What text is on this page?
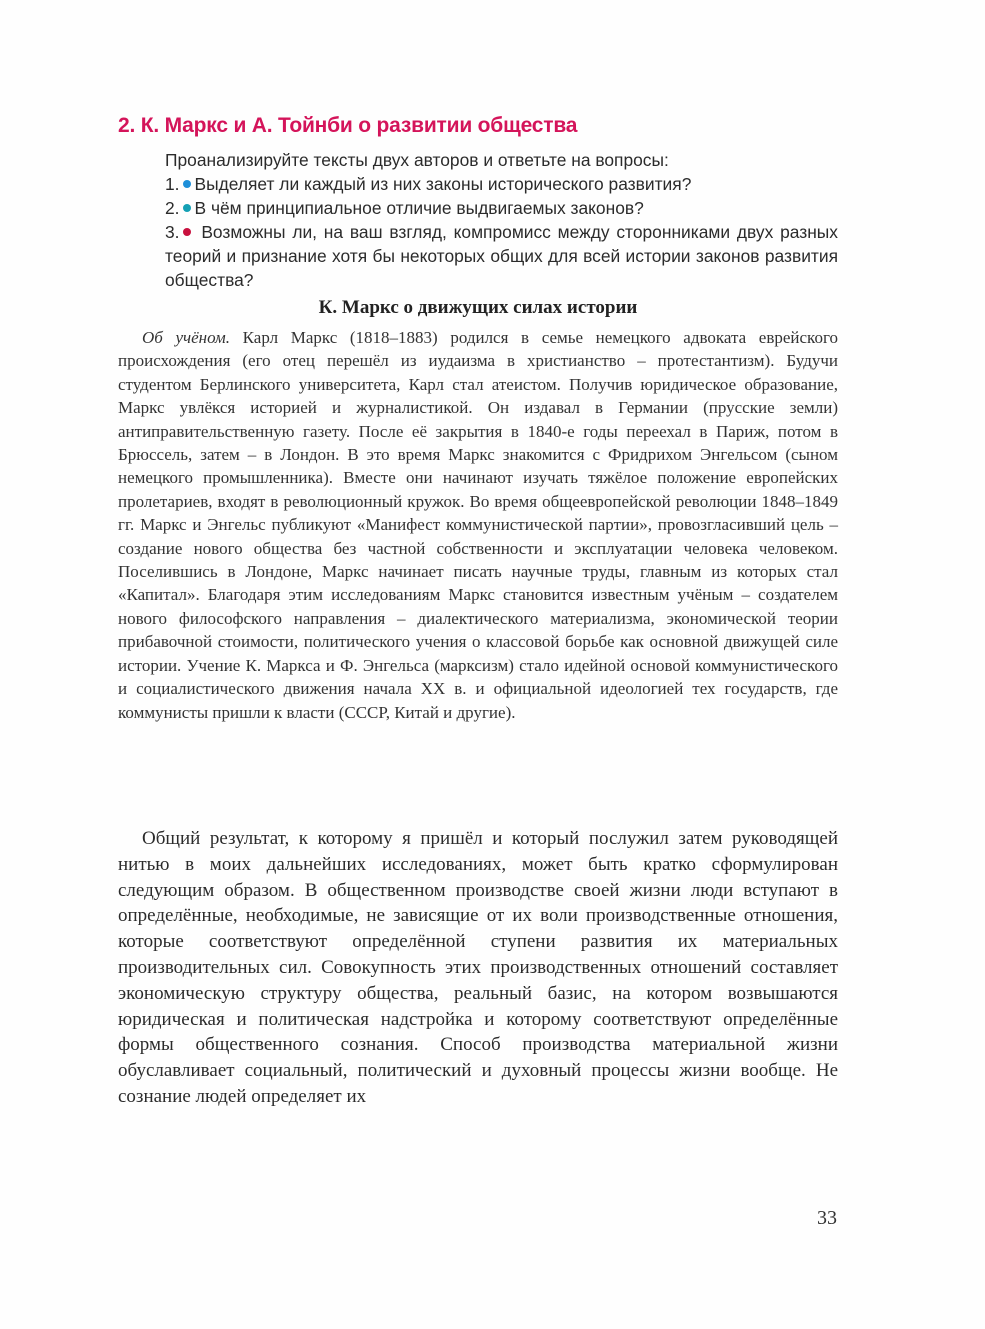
2. К. Маркс и А. Тойнби о развитии общества

Проанализируйте тексты двух авторов и ответьте на вопросы:

1. Выделяет ли каждый из них законы исторического развития?

2. В чём принципиальное отличие выдвигаемых законов?

3. Возможны ли, на ваш взгляд, компромисс между сторонниками двух разных теорий и признание хотя бы некоторых общих для всей истории законов развития общества?

К. Маркс о движущих силах истории

Об учёном. Карл Маркс (1818–1883) родился в семье немецкого адвоката еврейского происхождения (его отец перешёл из иудаизма в христианство – протестантизм). Будучи студентом Берлинского университета, Карл стал атеистом. Получив юридическое образование, Маркс увлёкся историей и журналистикой. Он издавал в Германии (прусские земли) антиправительственную газету. После её закрытия в 1840-е годы переехал в Париж, потом в Брюссель, затем – в Лондон. В это время Маркс знакомится с Фридрихом Энгельсом (сыном немецкого промышленника). Вместе они начинают изучать тяжёлое положение европейских пролетариев, входят в революционный кружок. Во время общеевропейской революции 1848–1849 гг. Маркс и Энгельс публикуют «Манифест коммунистической партии», провозгласивший цель – создание нового общества без частной собственности и эксплуатации человека человеком. Поселившись в Лондоне, Маркс начинает писать научные труды, главным из которых стал «Капитал». Благодаря этим исследованиям Маркс становится известным учёным – создателем нового философского направления – диалектического материализма, экономической теории прибавочной стоимости, политического учения о классовой борьбе как основной движущей силе истории. Учение К. Маркса и Ф. Энгельса (марксизм) стало идейной основой коммунистического и социалистического движения начала XX в. и официальной идеологией тех государств, где коммунисты пришли к власти (СССР, Китай и другие).

Общий результат, к которому я пришёл и который послужил затем руководящей нитью в моих дальнейших исследованиях, может быть кратко сформулирован следующим образом. В общественном производстве своей жизни люди вступают в определённые, необходимые, не зависящие от их воли производственные отношения, которые соответствуют определённой ступени развития их материальных производительных сил. Совокупность этих производственных отношений составляет экономическую структуру общества, реальный базис, на котором возвышаются юридическая и политическая надстройка и которому соответствуют определённые формы общественного сознания. Способ производства материальной жизни обуславливает социальный, политический и духовный процессы жизни вообще. Не сознание людей определяет их

33
